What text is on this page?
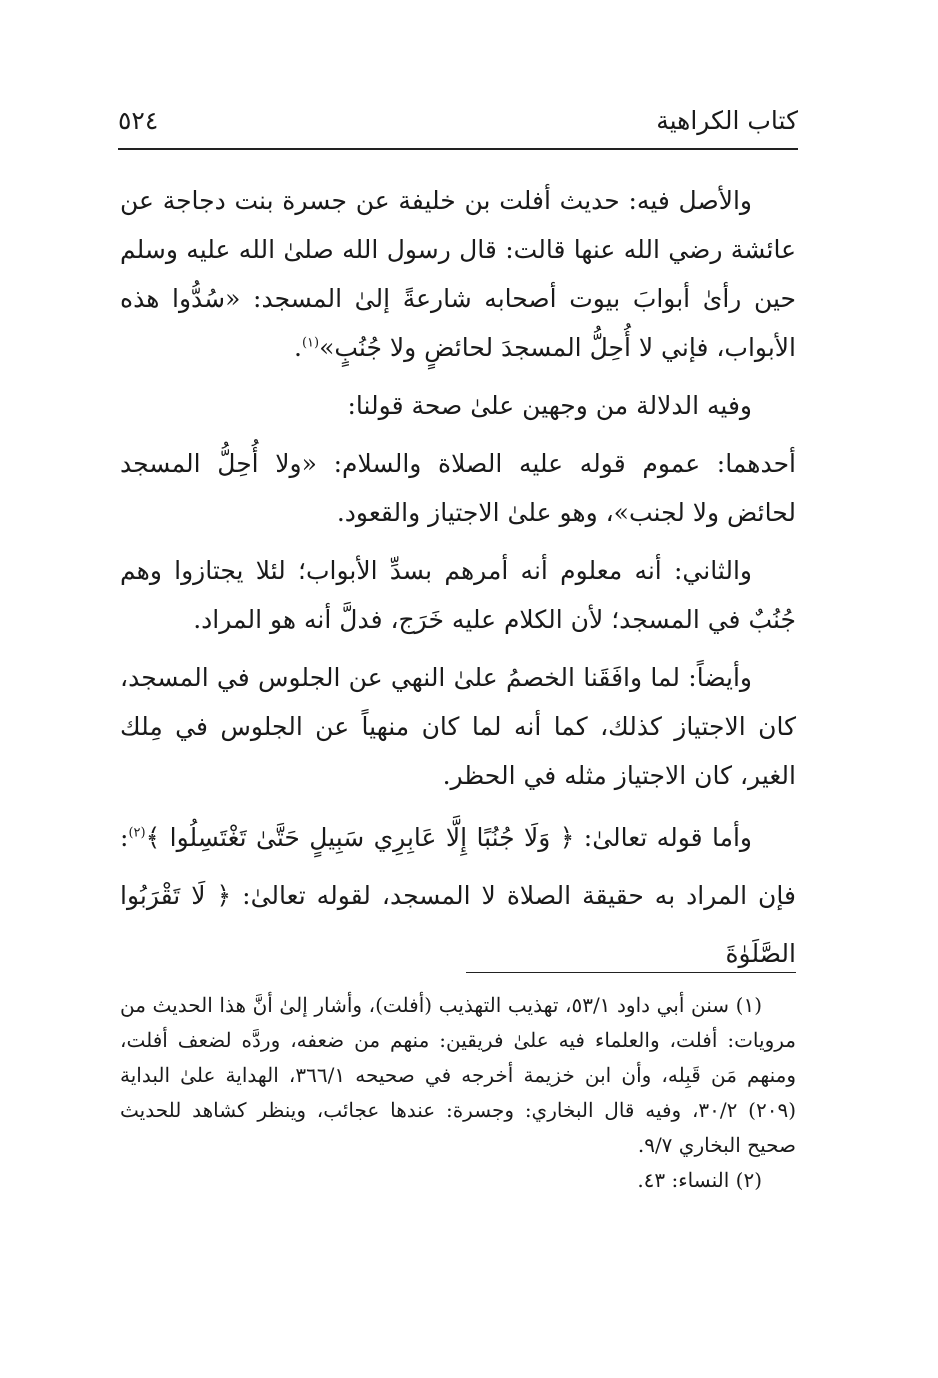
كتاب الكراهية
٥٢٤

والأصل فيه: حديث أفلت بن خليفة عن جسرة بنت دجاجة عن عائشة رضي الله عنها قالت: قال رسول الله صلىٰ الله عليه وسلم حين رأىٰ أبوابَ بيوت أصحابه شارعةً إلىٰ المسجد: «سُدُّوا هذه الأبواب، فإني لا أُحِلُّ المسجدَ لحائضٍ ولا جُنُبٍ»$^{(١)}$.

وفيه الدلالة من وجهين علىٰ صحة قولنا:

أحدهما: عموم قوله عليه الصلاة والسلام: «ولا أُحِلُّ المسجد لحائض ولا لجنب»، وهو علىٰ الاجتياز والقعود.

والثاني: أنه معلوم أنه أمرهم بسدِّ الأبواب؛ لئلا يجتازوا وهم جُنُبٌ في المسجد؛ لأن الكلام عليه خَرَج، فدلَّ أنه هو المراد.

وأيضاً: لما وافَقَنا الخصمُ علىٰ النهي عن الجلوس في المسجد، كان الاجتياز كذلك، كما أنه لما كان منهياً عن الجلوس في مِلك الغير، كان الاجتياز مثله في الحظر.

وأما قوله تعالىٰ: ﴿ وَلَا جُنُبًا إِلَّا عَابِرِي سَبِيلٍ حَتَّىٰ تَغْتَسِلُوا ﴾$^{(٢)}$: فإن المراد به حقيقة الصلاة لا المسجد، لقوله تعالىٰ: ﴿ لَا تَقْرَبُوا الصَّلَوٰةَ

(١) سنن أبي داود ٥٣/١، تهذيب التهذيب (أفلت)، وأشار إلىٰ أنَّ هذا الحديث من مرويات: أفلت، والعلماء فيه علىٰ فريقين: منهم من ضعفه، وردَّه لضعف أفلت، ومنهم مَن قَبِله، وأن ابن خزيمة أخرجه في صحيحه ٣٦٦/١، الهداية علىٰ البداية (٢٠٩) ٣٠/٢، وفيه قال البخاري: وجسرة: عندها عجائب، وينظر كشاهد للحديث صحيح البخاري ٩/٧.

(٢) النساء: ٤٣.
